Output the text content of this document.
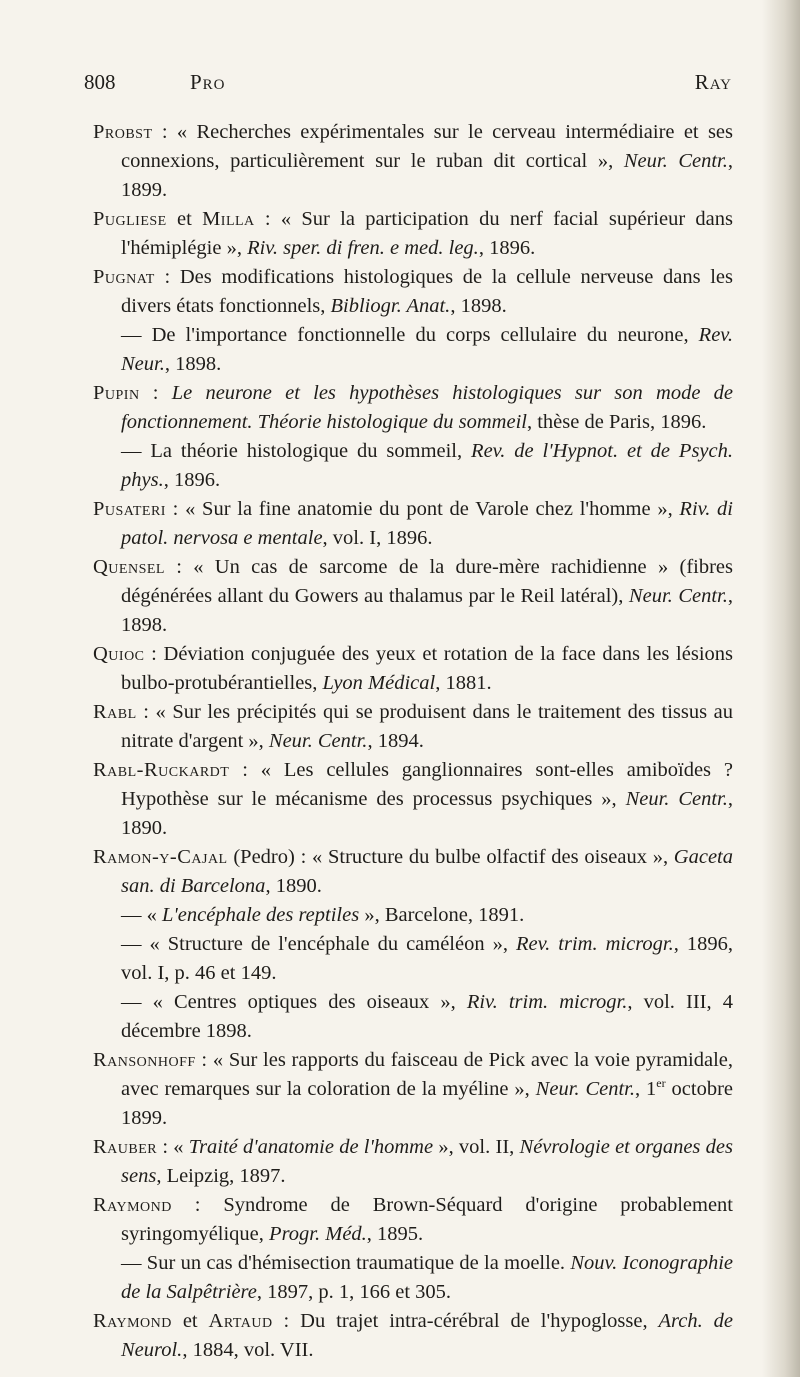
808	Pro	Ray

Probst : « Recherches expérimentales sur le cerveau intermédiaire et ses connexions, particulièrement sur le ruban dit cortical », Neur. Centr., 1899.

Pugliese et Milla : « Sur la participation du nerf facial supérieur dans l'hémiplégie », Riv. sper. di fren. e med. leg., 1896.

Pugnat : Des modifications histologiques de la cellule nerveuse dans les divers états fonctionnels, Bibliogr. Anat., 1898.

— De l'importance fonctionnelle du corps cellulaire du neurone, Rev. Neur., 1898.

Pupin : Le neurone et les hypothèses histologiques sur son mode de fonctionnement. Théorie histologique du sommeil, thèse de Paris, 1896.

— La théorie histologique du sommeil, Rev. de l'Hypnot. et de Psych. phys., 1896.

Pusateri : « Sur la fine anatomie du pont de Varole chez l'homme », Riv. di patol. nervosa e mentale, vol. I, 1896.

Quensel : « Un cas de sarcome de la dure-mère rachidienne » (fibres dégénérées allant du Gowers au thalamus par le Reil latéral), Neur. Centr., 1898.

Quioc : Déviation conjuguée des yeux et rotation de la face dans les lésions bulbo-protubérantielles, Lyon Médical, 1881.

Rabl : « Sur les précipités qui se produisent dans le traitement des tissus au nitrate d'argent », Neur. Centr., 1894.

Rabl-Ruckardt : « Les cellules ganglionnaires sont-elles amiboïdes ? Hypothèse sur le mécanisme des processus psychiques », Neur. Centr., 1890.

Ramon-y-Cajal (Pedro) : « Structure du bulbe olfactif des oiseaux », Gaceta san. di Barcelona, 1890.

— « L'encéphale des reptiles », Barcelone, 1891.

— « Structure de l'encéphale du caméléon », Rev. trim. microgr., 1896, vol. I, p. 46 et 149.

— « Centres optiques des oiseaux », Riv. trim. microgr., vol. III, 4 décembre 1898.

Ransonhoff : « Sur les rapports du faisceau de Pick avec la voie pyramidale, avec remarques sur la coloration de la myéline », Neur. Centr., 1er octobre 1899.

Rauber : « Traité d'anatomie de l'homme », vol. II, Névrologie et organes des sens, Leipzig, 1897.

Raymond : Syndrome de Brown-Séquard d'origine probablement syringomyélique, Progr. Méd., 1895.

— Sur un cas d'hémisection traumatique de la moelle. Nouv. Iconographie de la Salpêtrière, 1897, p. 1, 166 et 305.

Raymond et Artaud : Du trajet intra-cérébral de l'hypoglosse, Arch. de Neurol., 1884, vol. VII.
